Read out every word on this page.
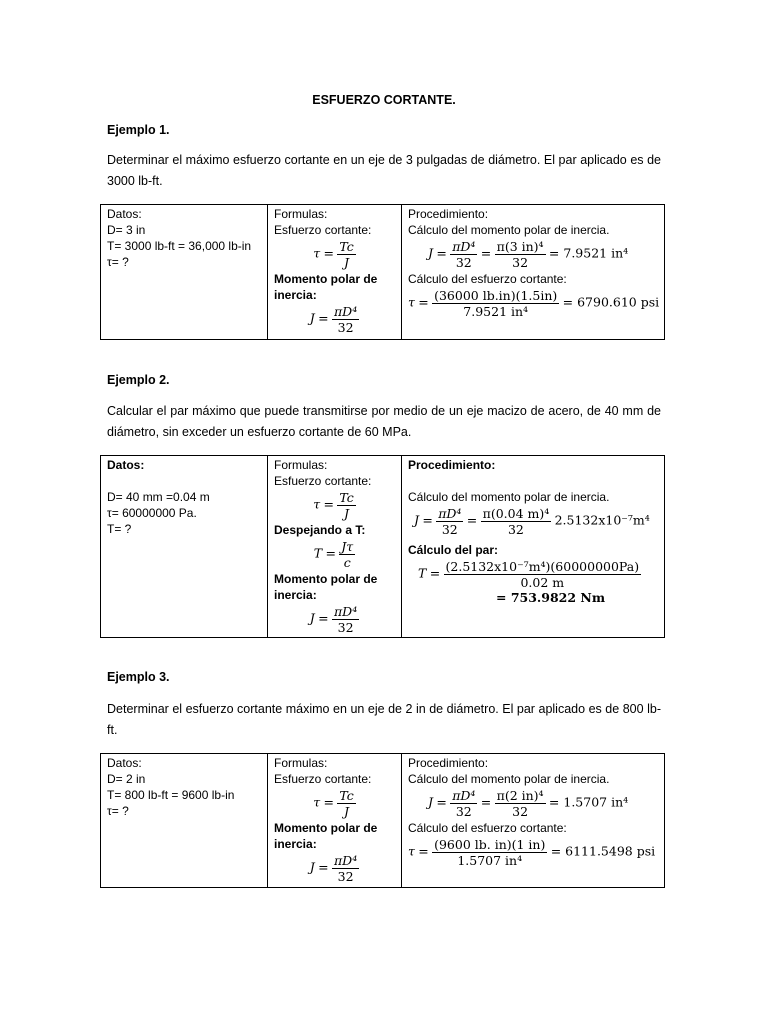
ESFUERZO CORTANTE.
Ejemplo 1.
Determinar el máximo esfuerzo cortante en un eje de 3 pulgadas de diámetro. El par aplicado es de 3000 lb-ft.
Datos:
D= 3 in
T= 3000 lb-ft = 36,000 lb-in
τ= ?

Formulas:
Esfuerzo cortante:
$\tau = \frac{Tc}{J}$
Momento polar de inercia:
$J = \frac{\text{πD⁴}}{32}$

Procedimiento:
Cálculo del momento polar de inercia.
$J = \frac{\text{πD⁴}}{32} = \frac{\text{π(3 in)⁴}}{32} = 7.9521$ in⁴
Cálculo del esfuerzo cortante:
$\tau = \frac{(36000 lb.in)(1.5in)}{\text{7.9521 in⁴}} = 6790.610$ psi
Ejemplo 2.
Calcular el par máximo que puede transmitirse por medio de un eje macizo de acero, de 40 mm de diámetro, sin exceder un esfuerzo cortante de 60 MPa.
Datos:
D= 40 mm =0.04 m
τ= 60000000 Pa.
T= ?

Formulas:
Esfuerzo cortante:
$\tau = \frac{Tc}{J}$
Despejando a T:
$T = \frac{J\tau}{c}$
Momento polar de inercia:
$J = \frac{\text{πD⁴}}{32}$

Procedimiento:
Cálculo del momento polar de inercia.
$J = \frac{\text{πD⁴}}{32} = \frac{\text{π(0.04 m)⁴}}{32} 2.5132x10^{-7}m^4$
Cálculo del par:
$T = \frac{\text{(2.5132x10⁻⁷m⁴)(60000000Pa)}}{0.02 m}$
= 753.9822 Nm
Ejemplo 3.
Determinar el esfuerzo cortante máximo en un eje de 2 in de diámetro. El par aplicado es de 800 lb-ft.
Datos:
D= 2 in
T= 800 lb-ft = 9600 lb-in
τ= ?

Formulas:
Esfuerzo cortante:
$\tau = \frac{Tc}{J}$
Momento polar de inercia:
$J = \frac{\text{πD⁴}}{32}$

Procedimiento:
Cálculo del momento polar de inercia.
$J = \frac{\text{πD⁴}}{32} = \frac{\text{π(2 in)⁴}}{32} = 1.5707$ in⁴
Cálculo del esfuerzo cortante:
$\tau = \frac{(9600 lb. in)(1 in)}{\text{1.5707 in⁴}} = 6111.5498$ psi
